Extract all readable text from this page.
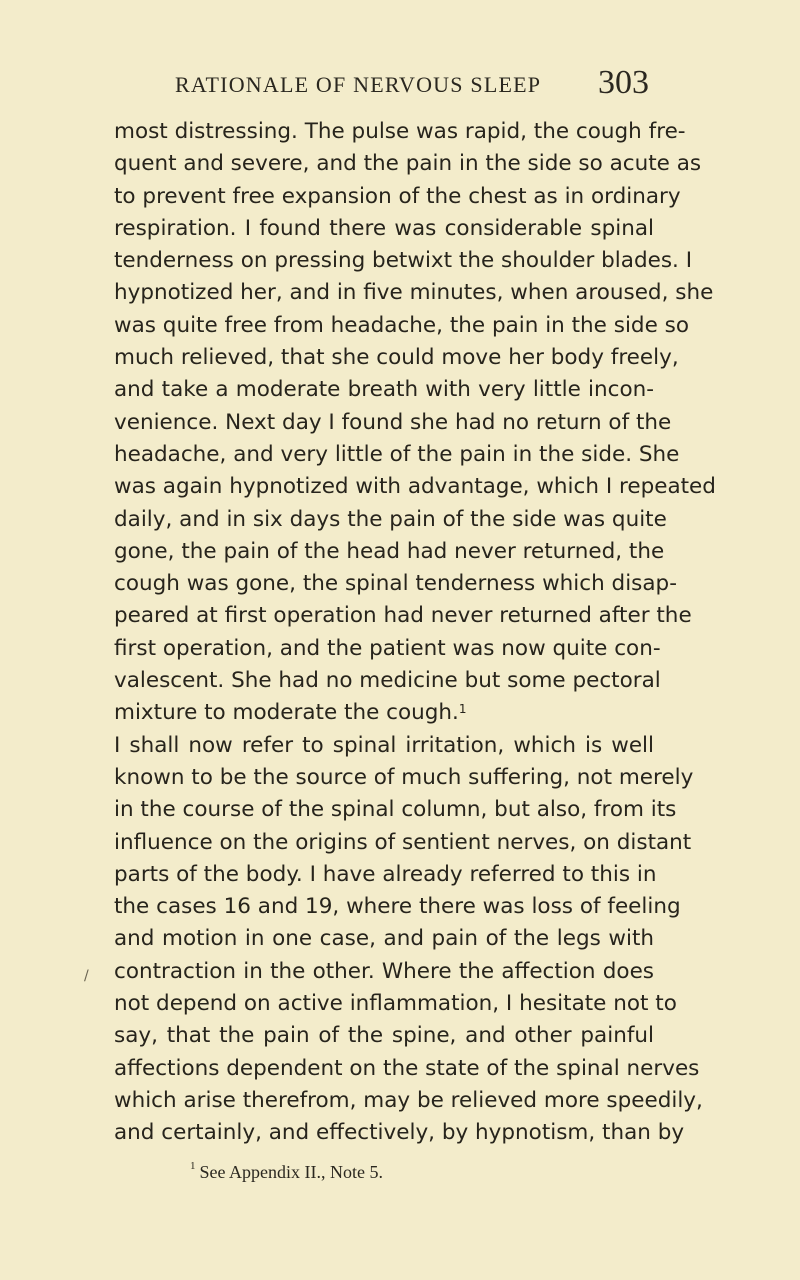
RATIONALE OF NERVOUS SLEEP 303
most distressing. The pulse was rapid, the cough fre-
quent and severe, and the pain in the side so acute as
to prevent free expansion of the chest as in ordinary
respiration. I found there was considerable spinal
tenderness on pressing betwixt the shoulder blades. I
hypnotized her, and in five minutes, when aroused, she
was quite free from headache, the pain in the side so
much relieved, that she could move her body freely,
and take a moderate breath with very little incon-
venience. Next day I found she had no return of the
headache, and very little of the pain in the side. She
was again hypnotized with advantage, which I repeated
daily, and in six days the pain of the side was quite
gone, the pain of the head had never returned, the
cough was gone, the spinal tenderness which disap-
peared at first operation had never returned after the
first operation, and the patient was now quite con-
valescent. She had no medicine but some pectoral
mixture to moderate the cough.$^1$
I shall now refer to spinal irritation, which is well
known to be the source of much suffering, not merely
in the course of the spinal column, but also, from its
influence on the origins of sentient nerves, on distant
parts of the body. I have already referred to this in
the cases 16 and 19, where there was loss of feeling
and motion in one case, and pain of the legs with
contraction in the other. Where the affection does
not depend on active inflammation, I hesitate not to
say, that the pain of the spine, and other painful
affections dependent on the state of the spinal nerves
which arise therefrom, may be relieved more speedily,
and certainly, and effectively, by hypnotism, than by
/
$^1$ See Appendix II., Note 5.
